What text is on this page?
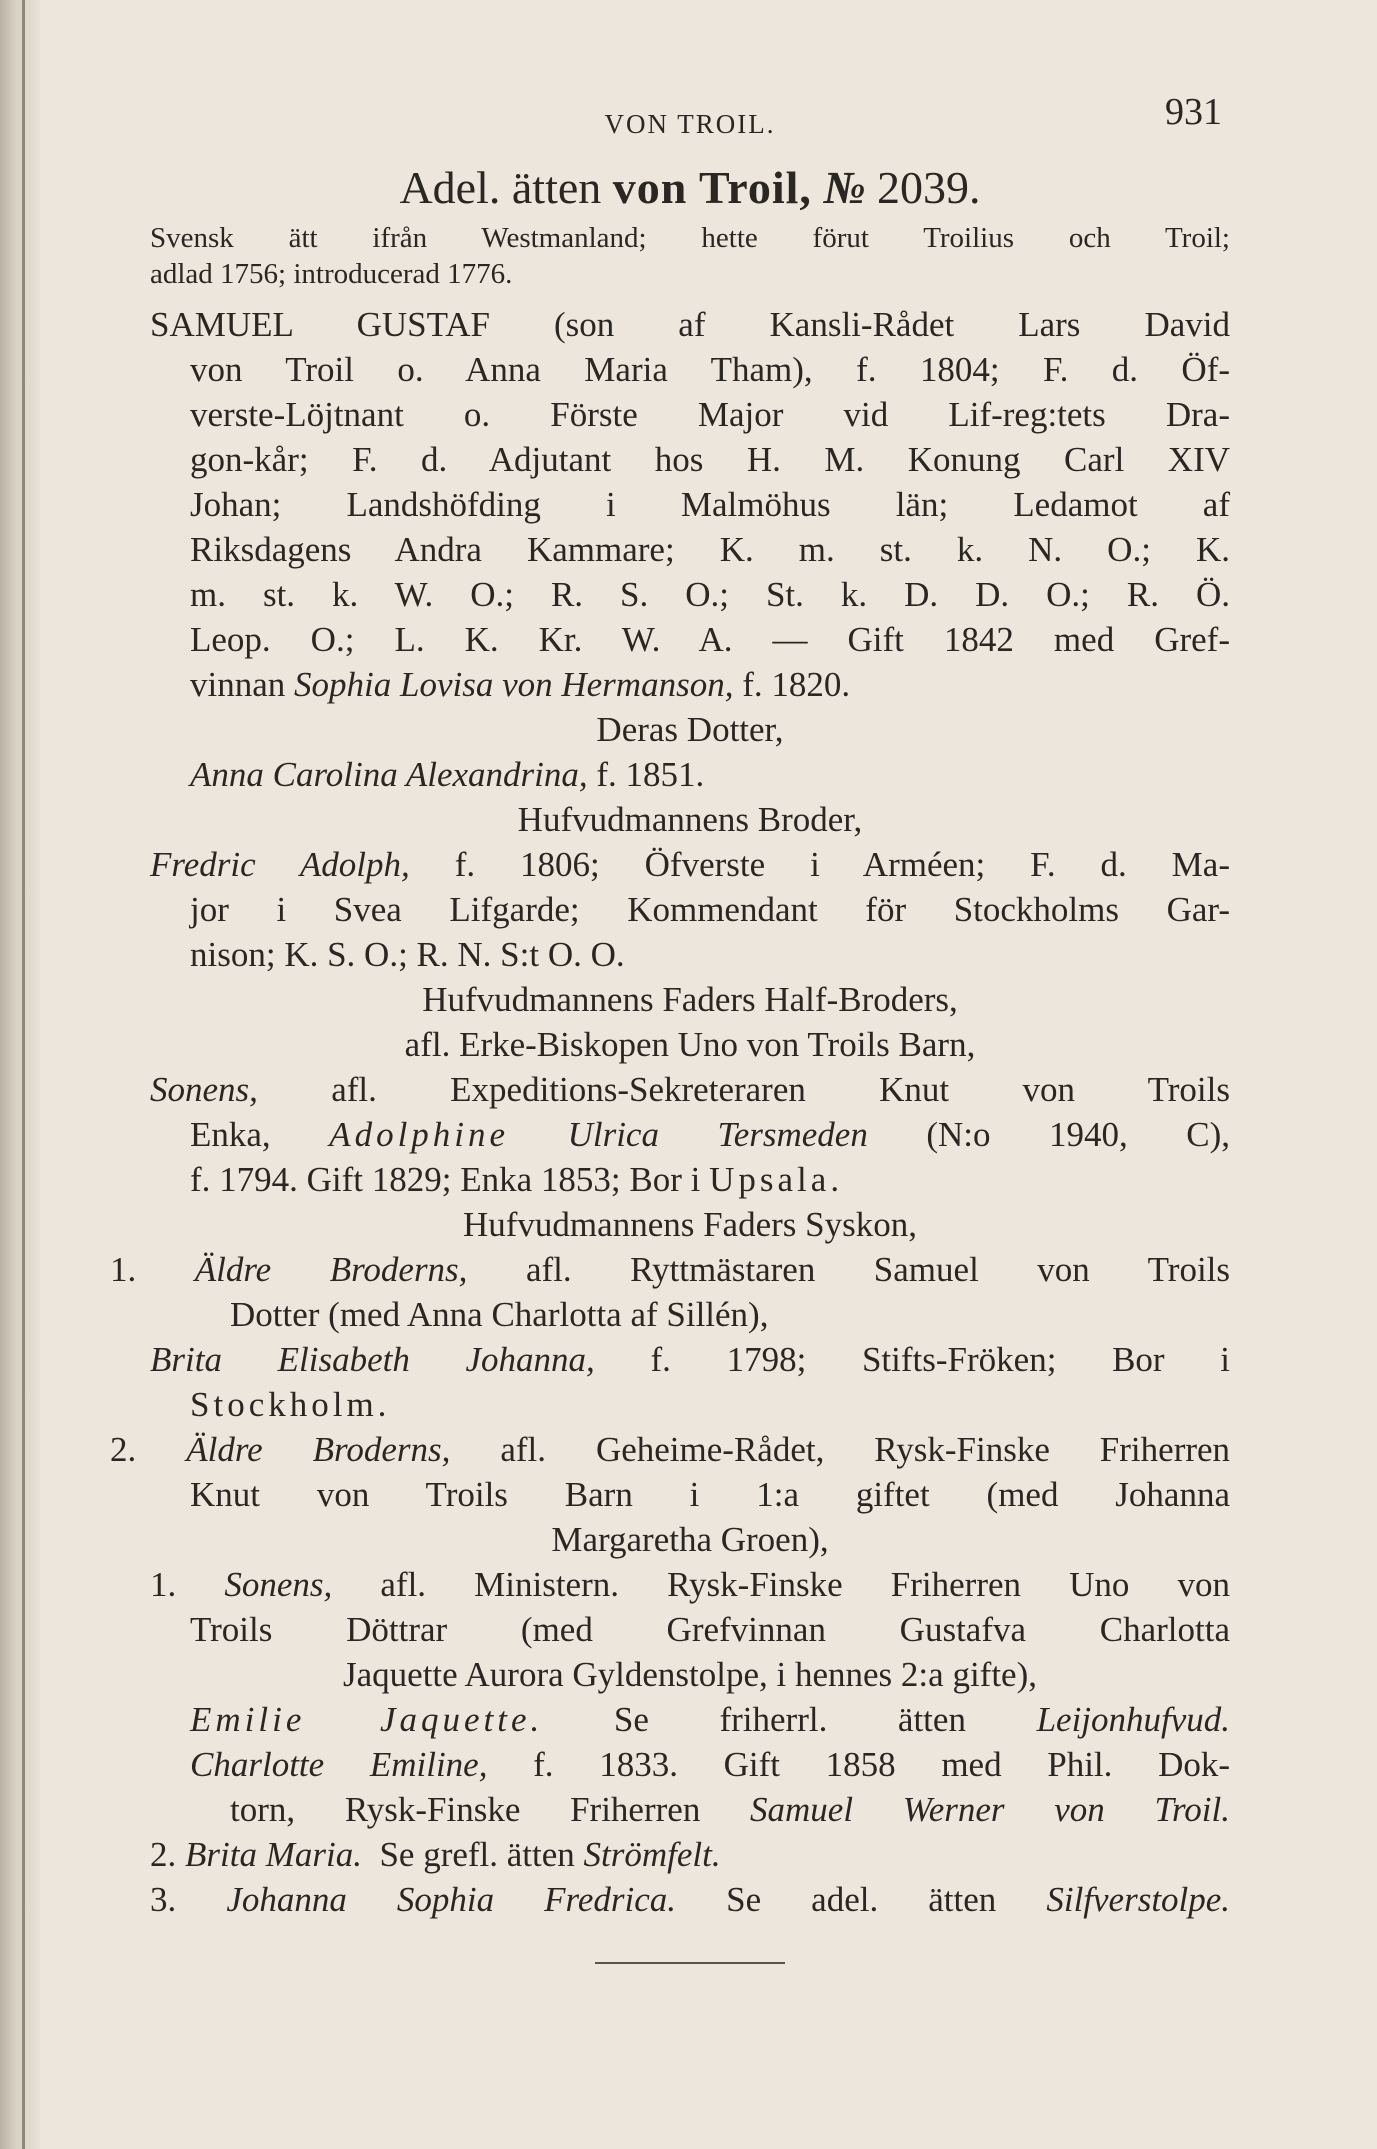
VON TROIL.	931
Adel. ätten von Troil, № 2039.
Svensk ätt ifrån Westmanland; hette förut Troilius och Troil;
adlad 1756; introducerad 1776.
SAMUEL GUSTAF (son af Kansli-Rådet Lars David
von Troil o. Anna Maria Tham), f. 1804; F. d. Öf-
verste-Löjtnant o. Förste Major vid Lif-reg:tets Dra-
gon-kår; F. d. Adjutant hos H. M. Konung Carl XIV
Johan; Landshöfding i Malmöhus län; Ledamot af
Riksdagens Andra Kammare; K. m. st. k. N. O.; K.
m. st. k. W. O.; R. S. O.; St. k. D. D. O.; R. Ö.
Leop. O.; L. K. Kr. W. A. — Gift 1842 med Gref-
vinnan Sophia Lovisa von Hermanson, f. 1820.
Deras Dotter,
Anna Carolina Alexandrina, f. 1851.
Hufvudmannens Broder,
Fredric Adolph, f. 1806; Öfverste i Arméen; F. d. Ma-
jor i Svea Lifgarde; Kommendant för Stockholms Gar-
nison; K. S. O.; R. N. S:t O. O.
Hufvudmannens Faders Half-Broders,
afl. Erke-Biskopen Uno von Troils Barn,
Sonens, afl. Expeditions-Sekreteraren Knut von Troils
Enka, Adolphine Ulrica Tersmeden (N:o 1940, C),
f. 1794. Gift 1829; Enka 1853; Bor i Upsala.
Hufvudmannens Faders Syskon,
1. Äldre Broderns, afl. Ryttmästaren Samuel von Troils
Dotter (med Anna Charlotta af Sillén),
Brita Elisabeth Johanna, f. 1798; Stifts-Fröken; Bor i
Stockholm.
2. Äldre Broderns, afl. Geheime-Rådet, Rysk-Finske Friherren
Knut von Troils Barn i 1:a giftet (med Johanna
Margaretha Groen),
1. Sonens, afl. Ministern. Rysk-Finske Friherren Uno von
Troils Döttrar (med Grefvinnan Gustafva Charlotta
Jaquette Aurora Gyldenstolpe, i hennes 2:a gifte),
Emilie Jaquette. Se friherrl. ätten Leijonhufvud.
Charlotte Emiline, f. 1833. Gift 1858 med Phil. Dok-
torn, Rysk-Finske Friherren Samuel Werner von Troil.
2. Brita Maria. Se grefl. ätten Strömfelt.
3. Johanna Sophia Fredrica. Se adel. ätten Silfverstolpe.
